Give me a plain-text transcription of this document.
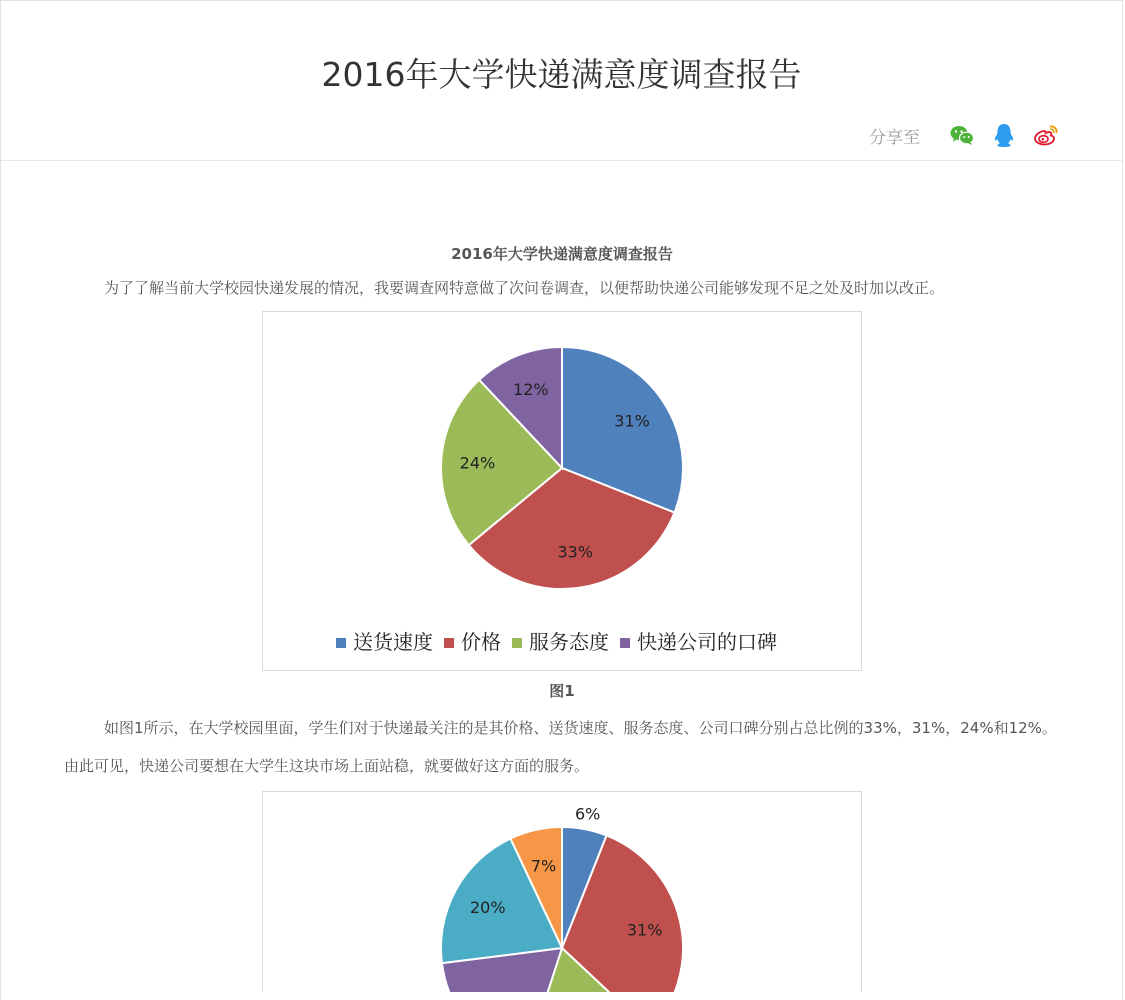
2016年大学快递满意度调查报告
分享至

2016年大学快递满意度调查报告

为了了解当前大学校园快递发展的情况，我要调查网特意做了次问卷调查，以便帮助快递公司能够发现不足之处及时加以改正。

31%
33%
24%
12%
送货速度 价格 服务态度 快递公司的口碑

图1

如图1所示，在大学校园里面，学生们对于快递最关注的是其价格、送货速度、服务态度、公司口碑分别占总比例的33%，31%，24%和12%。由此可见，快递公司要想在大学生这块市场上面站稳，就要做好这方面的服务。

6%
31%
20%
7%
